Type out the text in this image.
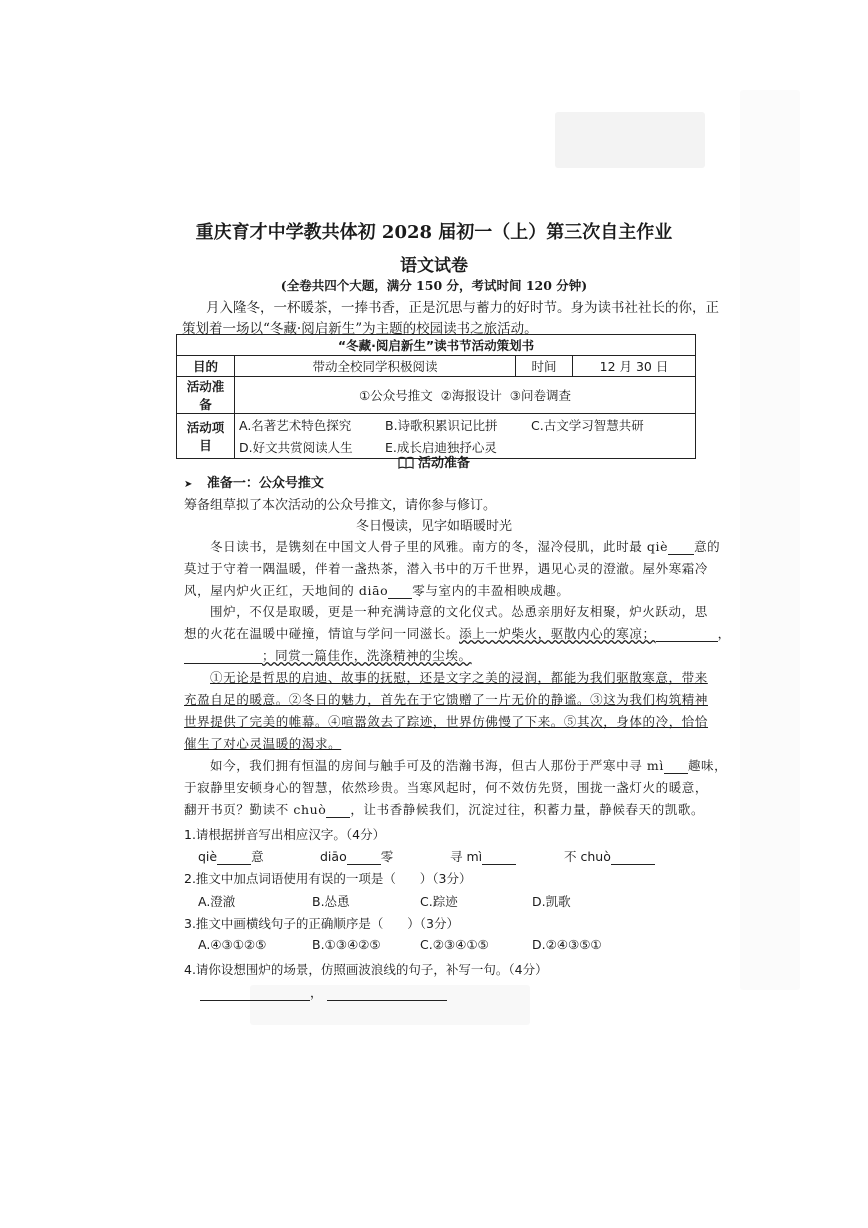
重庆育才中学教共体初 2028 届初一（上）第三次自主作业
语文试卷
(全卷共四个大题，满分 150 分，考试时间 120 分钟)
月入隆冬，一杯暖茶，一捧书香，正是沉思与蓄力的好时节。身为读书社社长的你，正
策划着一场以“冬藏·阅启新生”为主题的校园读书之旅活动。
“冬藏·阅启新生”读书节活动策划书			
目的	带动全校同学积极阅读	时间	12 月 30 日
活动准备	①公众号推文  ②海报设计  ③问卷调查		
活动项目	A.名著艺术特色探究 B.诗歌积累识记比拼 C.古文学习智慧共研
D.好文共赏阅读人生 E.成长启迪独抒心灵		
活动准备
➤ 准备一：公众号推文
筹备组草拟了本次活动的公众号推文，请你参与修订。
冬日慢读，见字如晤暖时光
冬日读书，是镌刻在中国文人骨子里的风雅。南方的冬，湿冷侵肌，此时最 qiè 意的
莫过于守着一隅温暖，伴着一盏热茶，潜入书中的万千世界，遇见心灵的澄澈。屋外寒霜冷
风，屋内炉火正红，天地间的 diāo 零与室内的丰盈相映成趣。
围炉，不仅是取暖，更是一种充满诗意的文化仪式。怂恿亲朋好友相聚，炉火跃动，思
想的火花在温暖中碰撞，情谊与学问一同滋长。添上一炉柴火，驱散内心的寒凉；	，
；同赏一篇佳作，洗涤精神的尘埃。
①无论是哲思的启迪、故事的抚慰，还是文字之美的浸润，都能为我们驱散寒意，带来
充盈自足的暖意。②冬日的魅力，首先在于它馈赠了一片无价的静谧。③这为我们构筑精神
世界提供了完美的帷幕。④喧嚣敛去了踪迹，世界仿佛慢了下来。⑤其次，身体的冷，恰恰
催生了对心灵温暖的渴求。
如今，我们拥有恒温的房间与触手可及的浩瀚书海，但古人那份于严寒中寻 mì 趣味，
于寂静里安顿身心的智慧，依然珍贵。当寒风起时，何不效仿先贤，围拢一盏灯火的暖意，
翻开书页？勤读不 chuò ，让书香静候我们，沉淀过往，积蓄力量，静候春天的凯歌。
1.请根据拼音写出相应汉字。（4分）
qiè	意	diāo	零	寻 mì	不 chuò
2.推文中加点词语使用有误的一项是（      ）（3分）
A.澄澈	B.怂恿	C.踪迹	D.凯歌
3.推文中画横线句子的正确顺序是（      ）（3分）
A.④③①②⑤	B.①③④②⑤	C.②③④①⑤	D.②④③⑤①
4.请你设想围炉的场景，仿照画波浪线的句子，补写一句。（4分）
，
